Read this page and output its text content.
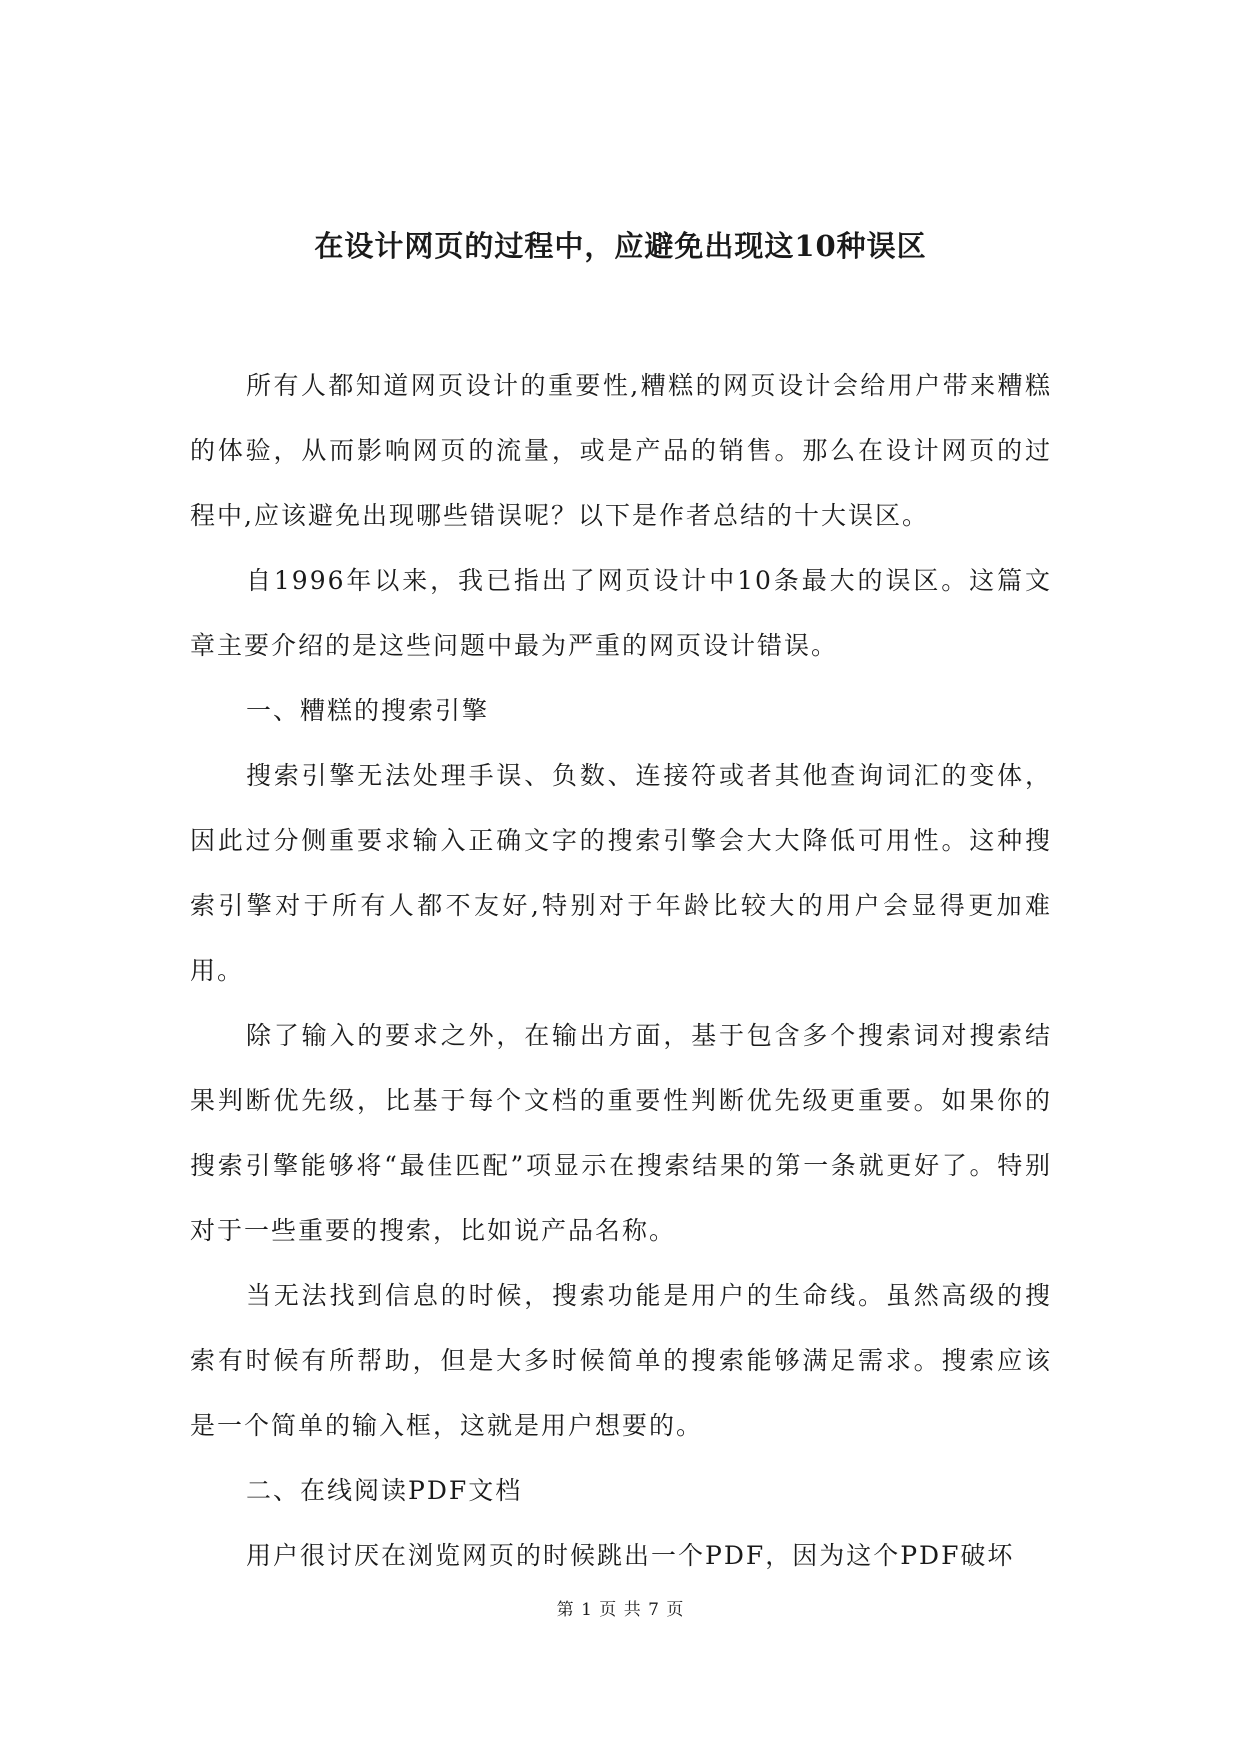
在设计网页的过程中，应避免出现这10种误区

所有人都知道网页设计的重要性,糟糕的网页设计会给用户带来糟糕的体验，从而影响网页的流量，或是产品的销售。那么在设计网页的过程中,应该避免出现哪些错误呢？以下是作者总结的十大误区。

自1996年以来，我已指出了网页设计中10条最大的误区。这篇文章主要介绍的是这些问题中最为严重的网页设计错误。

一、糟糕的搜索引擎

搜索引擎无法处理手误、负数、连接符或者其他查询词汇的变体，因此过分侧重要求输入正确文字的搜索引擎会大大降低可用性。这种搜索引擎对于所有人都不友好,特别对于年龄比较大的用户会显得更加难用。

除了输入的要求之外，在输出方面，基于包含多个搜索词对搜索结果判断优先级，比基于每个文档的重要性判断优先级更重要。如果你的搜索引擎能够将“最佳匹配”项显示在搜索结果的第一条就更好了。特别对于一些重要的搜索，比如说产品名称。

当无法找到信息的时候，搜索功能是用户的生命线。虽然高级的搜索有时候有所帮助，但是大多时候简单的搜索能够满足需求。搜索应该是一个简单的输入框，这就是用户想要的。

二、在线阅读PDF文档

用户很讨厌在浏览网页的时候跳出一个PDF，因为这个PDF破坏

第 1 页 共 7 页
